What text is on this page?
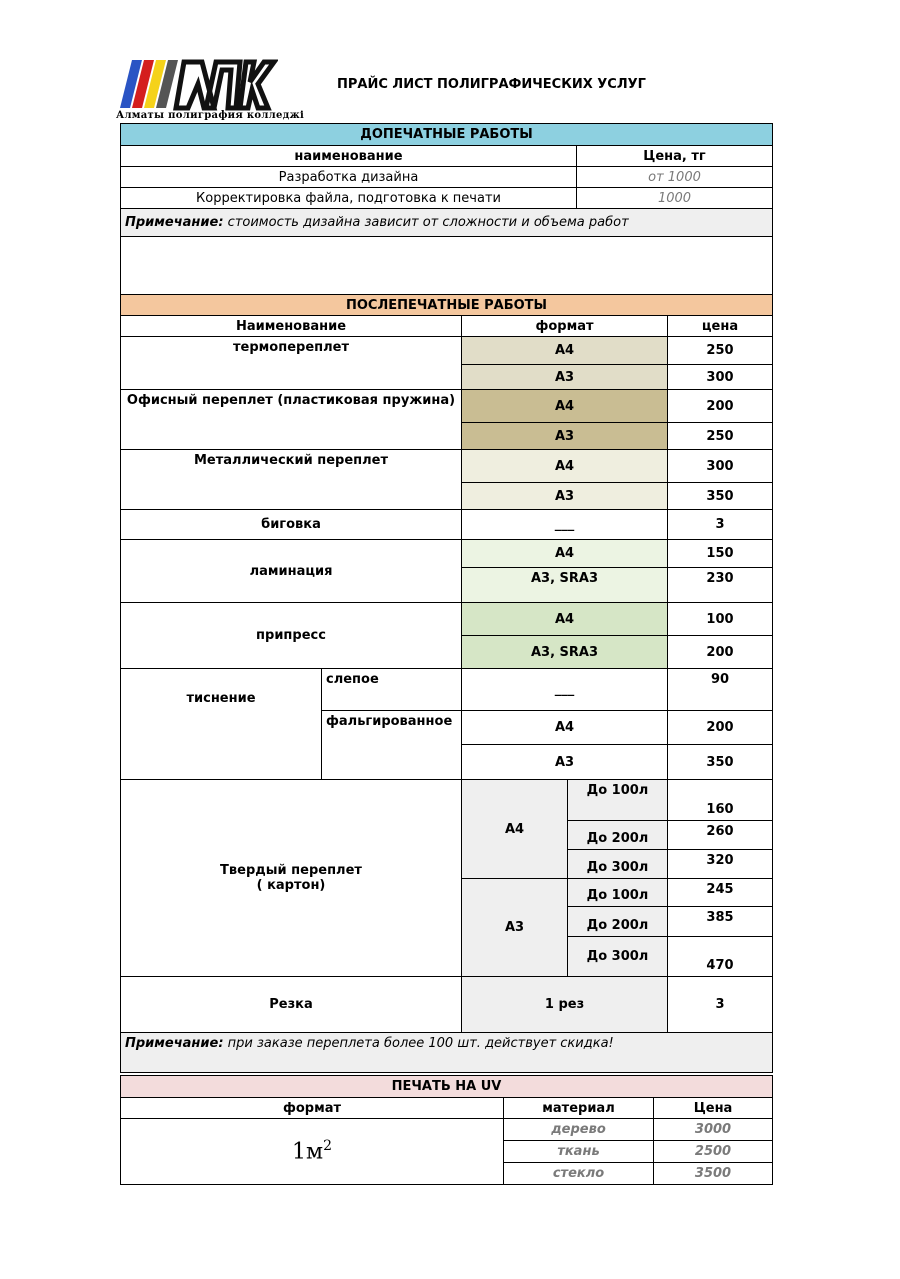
Алматы полиграфия колледжі
ПРАЙС ЛИСТ ПОЛИГРАФИЧЕСКИХ УСЛУГ
ДОПЕЧАТНЫЕ РАБОТЫ	
наименование	Цена, тг
Разработка дизайна	от 1000
Корректировка файла, подготовка к печати	1000
Примечание: стоимость дизайна зависит от сложности и объема работ	

ПОСЛЕПЕЧАТНЫЕ РАБОТЫ				
Наименование		формат		цена
термопереплет		А4		250
		А3		300
Офисный переплет (пластиковая пружина)		А4		200
		А3		250
Металлический переплет		А4		300
		А3		350
биговка		___		3
ламинация		А4		150
		А3, SRA3		230
припресс		А4		100
		А3, SRA3		200
тиснение	слепое	___		90
	фальгированное	А4		200
		А3		350

Твердый переплет
( картон)		А4	До 100л	160
			До 200л	260
			До 300л	320
		А3	До 100л	245
			До 200л	385
			До 300л	470
Резка		1 рез		3
Примечание: при заказе переплета более 100 шт. действует скидка!				
ПЕЧАТЬ НА UV		
формат	материал	Цена
$1м^2$	дерево	3000
	ткань	2500
	стекло	3500
